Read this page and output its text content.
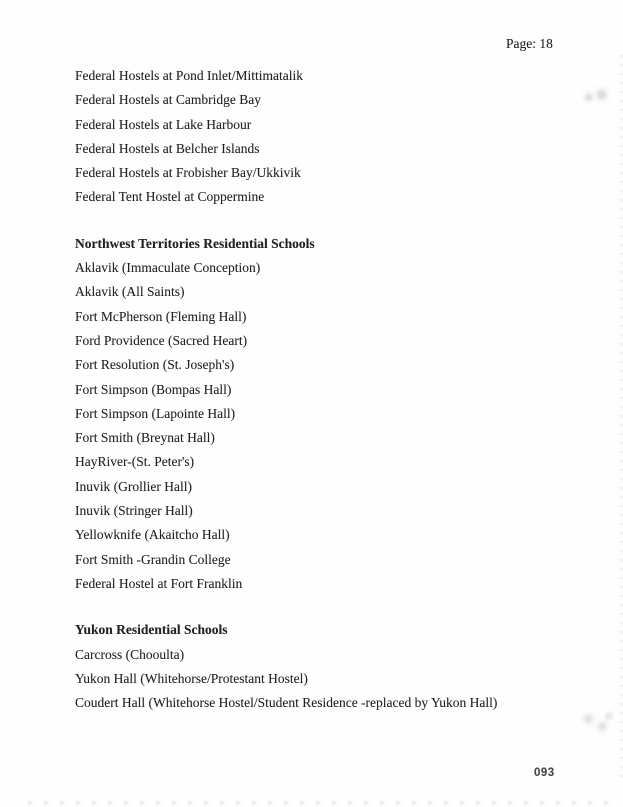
Page: 18

Federal Hostels at Pond Inlet/Mittimatalik

Federal Hostels at Cambridge Bay

Federal Hostels at Lake Harbour

Federal Hostels at Belcher Islands

Federal Hostels at Frobisher Bay/Ukkivik

Federal Tent Hostel at Coppermine

Northwest Territories Residential Schools

Aklavik (Immaculate Conception)

Aklavik (All Saints)

Fort McPherson (Fleming Hall)

Ford Providence (Sacred Heart)

Fort Resolution (St. Joseph's)

Fort Simpson (Bompas Hall)

Fort Simpson (Lapointe Hall)

Fort Smith (Breynat Hall)

HayRiver-(St. Peter's)

Inuvik (Grollier Hall)

Inuvik (Stringer Hall)

Yellowknife (Akaitcho Hall)

Fort Smith -Grandin College

Federal Hostel at Fort Franklin

Yukon Residential Schools

Carcross (Chooulta)

Yukon Hall (Whitehorse/Protestant Hostel)

Coudert Hall (Whitehorse Hostel/Student Residence -replaced by Yukon Hall)

093
